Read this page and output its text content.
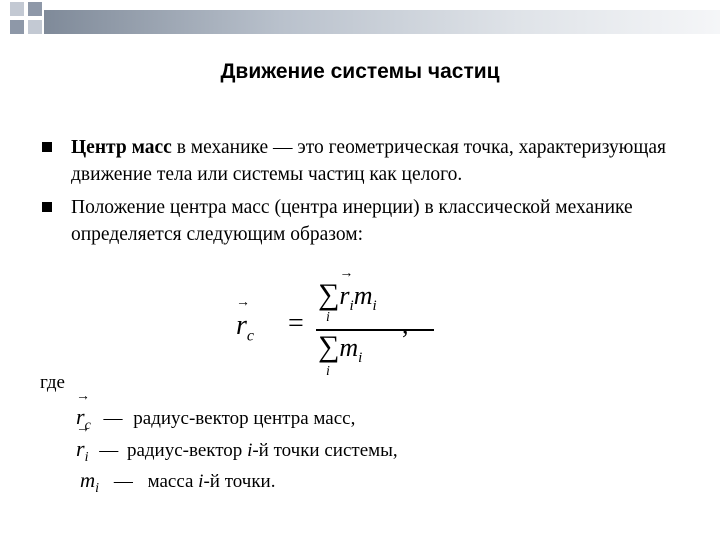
Движение системы частиц
Центр масс в механике — это геометрическая точка, характеризующая движение тела или системы частиц как целого.
Положение центра масс (центра инерции) в классической механике определяется следующим образом:
→ $r_c$ =
∑→ $r_im_i$
i
$\sum m_i$
i
,
где
→ $r_c$ — радиус-вектор центра масс,
→ $r_i$ — радиус-вектор i-й точки системы,
$m_i$ — масса i-й точки.
